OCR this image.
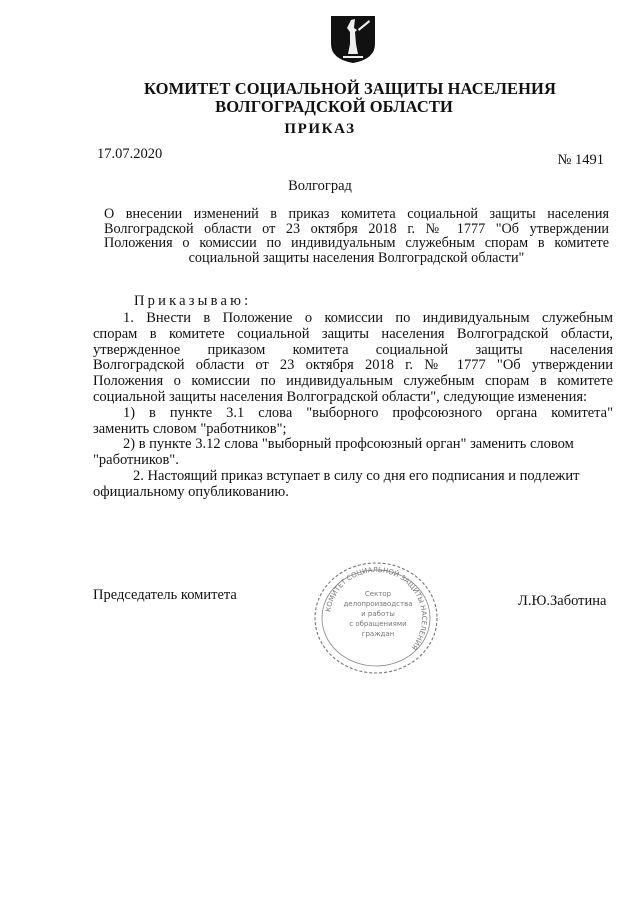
КОМИТЕТ СОЦИАЛЬНОЙ ЗАЩИТЫ НАСЕЛЕНИЯ
ВОЛГОГРАДСКОЙ ОБЛАСТИ
ПРИКАЗ
17.07.2020	№ 1491
Волгоград
О внесении изменений в приказ комитета социальной защиты населения
Волгоградской области от 23 октября 2018 г. № 1777 "Об утверждении
Положения о комиссии по индивидуальным служебным спорам в комитете
социальной защиты населения Волгоградской области"
Приказываю:
1. Внести в Положение о комиссии по индивидуальным служебным
спорам в комитете социальной защиты населения Волгоградской области,
утвержденное приказом комитета социальной защиты населения
Волгоградской области от 23 октября 2018 г. № 1777 "Об утверждении
Положения о комиссии по индивидуальным служебным спорам в комитете
социальной защиты населения Волгоградской области", следующие изменения:
1) в пункте 3.1 слова "выборного профсоюзного органа комитета"
заменить словом "работников";
2) в пункте 3.12 слова "выборный профсоюзный орган" заменить словом
"работников".
2. Настоящий приказ вступает в силу со дня его подписания и подлежит
официальному опубликованию.
Председатель комитета
КОМИТЕТ СОЦИАЛЬНОЙ ЗАЩИТЫ НАСЕЛЕНИЯ
Сектор
делопроизводства
и работы
с обращениями
граждан
Л.Ю.Заботина
